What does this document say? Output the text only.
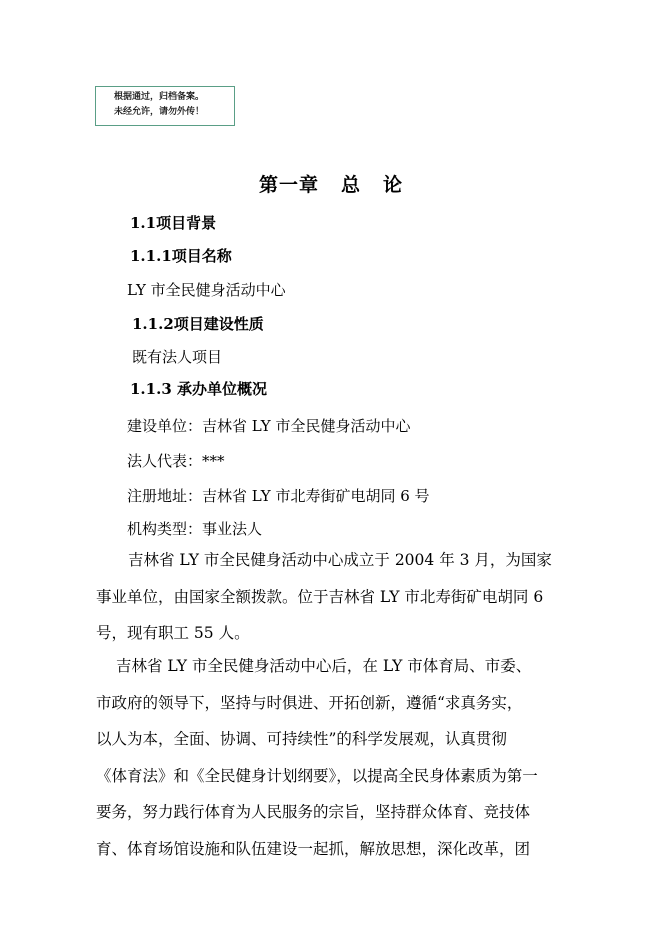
根据通过，归档备案。
未经允许，请勿外传！
第一章 总 论
1.1项目背景
1.1.1项目名称
LY 市全民健身活动中心
1.1.2项目建设性质
既有法人项目
1.1.3 承办单位概况
建设单位：吉林省 LY 市全民健身活动中心
法人代表：***
注册地址：吉林省 LY 市北寿街矿电胡同 6 号
机构类型：事业法人

吉林省 LY 市全民健身活动中心成立于 2004 年 3 月，为国家

事业单位，由国家全额拨款。位于吉林省 LY 市北寿街矿电胡同 6

号，现有职工 55 人。

吉林省 LY 市全民健身活动中心后，在 LY 市体育局、市委、

市政府的领导下，坚持与时俱进、开拓创新，遵循“求真务实，

以人为本，全面、协调、可持续性”的科学发展观，认真贯彻

《体育法》和《全民健身计划纲要》，以提高全民身体素质为第一

要务，努力践行体育为人民服务的宗旨，坚持群众体育、竞技体

育、体育场馆设施和队伍建设一起抓，解放思想，深化改革，团
